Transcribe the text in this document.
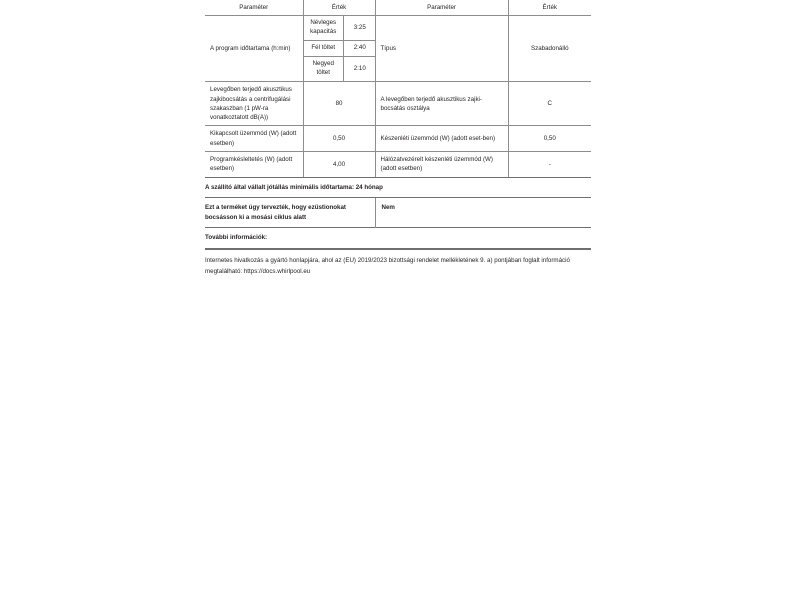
Paraméter	Érték	Paraméter	Érték
A program időtartama (h:min)	
Névleges kapacitás	3:25
Fél töltet	2:40
Negyed töltet	2:10
	Típus	Szabadonálló
Levegőben terjedő akusztikus zajkibocsátás a centrifugálási szakaszban (1 pW-ra vonatkoztatott dB(A))	80	A levegőben terjedő akusztikus zajki-bocsátás osztálya	C
Kikapcsolt üzemmód (W) (adott esetben)	0,50	Készenléti üzemmód (W) (adott eset-ben)	0,50
Programkésleltetés (W) (adott esetben)	4,00	Hálózatvezérelt készenléti üzemmód (W) (adott esetben)	-
A szállító által vállalt jótállás minimális időtartama: 24 hónap
Ezt a terméket úgy tervezték, hogy ezüstionokat bocsásson ki a mosási ciklus alatt	Nem
További információk:
Internetes hivatkozás a gyártó honlapjára, ahol az (EU) 2019/2023 bizottsági rendelet mellékletének 9. a) pontjában foglalt információ megtalálható: https://docs.whirlpool.eu
